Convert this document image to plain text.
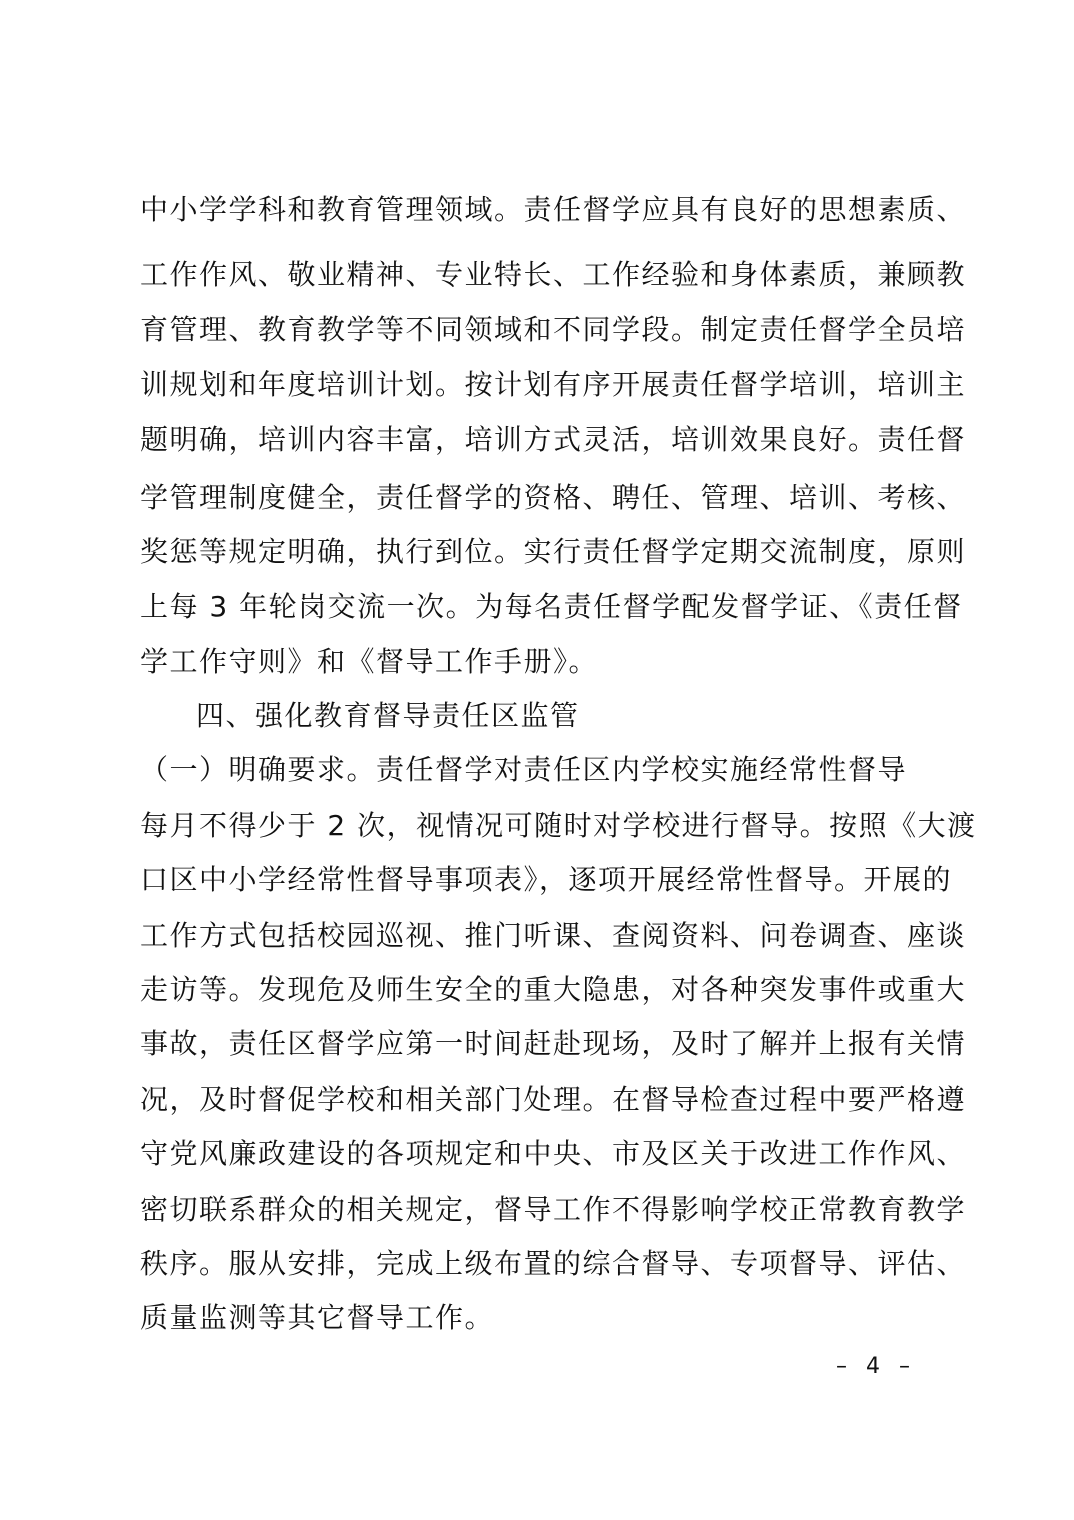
中小学学科和教育管理领域。责任督学应具有良好的思想素质、
工作作风、敬业精神、专业特长、工作经验和身体素质，兼顾教
育管理、教育教学等不同领域和不同学段。制定责任督学全员培
训规划和年度培训计划。按计划有序开展责任督学培训，培训主
题明确，培训内容丰富，培训方式灵活，培训效果良好。责任督
学管理制度健全，责任督学的资格、聘任、管理、培训、考核、
奖惩等规定明确，执行到位。实行责任督学定期交流制度，原则
上每 3 年轮岗交流一次。为每名责任督学配发督学证、《责任督
学工作守则》和《督导工作手册》。
四、强化教育督导责任区监管
（一）明确要求。责任督学对责任区内学校实施经常性督导
每月不得少于 2 次，视情况可随时对学校进行督导。按照《大渡
口区中小学经常性督导事项表》，逐项开展经常性督导。开展的
工作方式包括校园巡视、推门听课、查阅资料、问卷调查、座谈
走访等。发现危及师生安全的重大隐患，对各种突发事件或重大
事故，责任区督学应第一时间赶赴现场，及时了解并上报有关情
况，及时督促学校和相关部门处理。在督导检查过程中要严格遵
守党风廉政建设的各项规定和中央、市及区关于改进工作作风、
密切联系群众的相关规定，督导工作不得影响学校正常教育教学
秩序。服从安排，完成上级布置的综合督导、专项督导、评估、
质量监测等其它督导工作。
– 4 –
